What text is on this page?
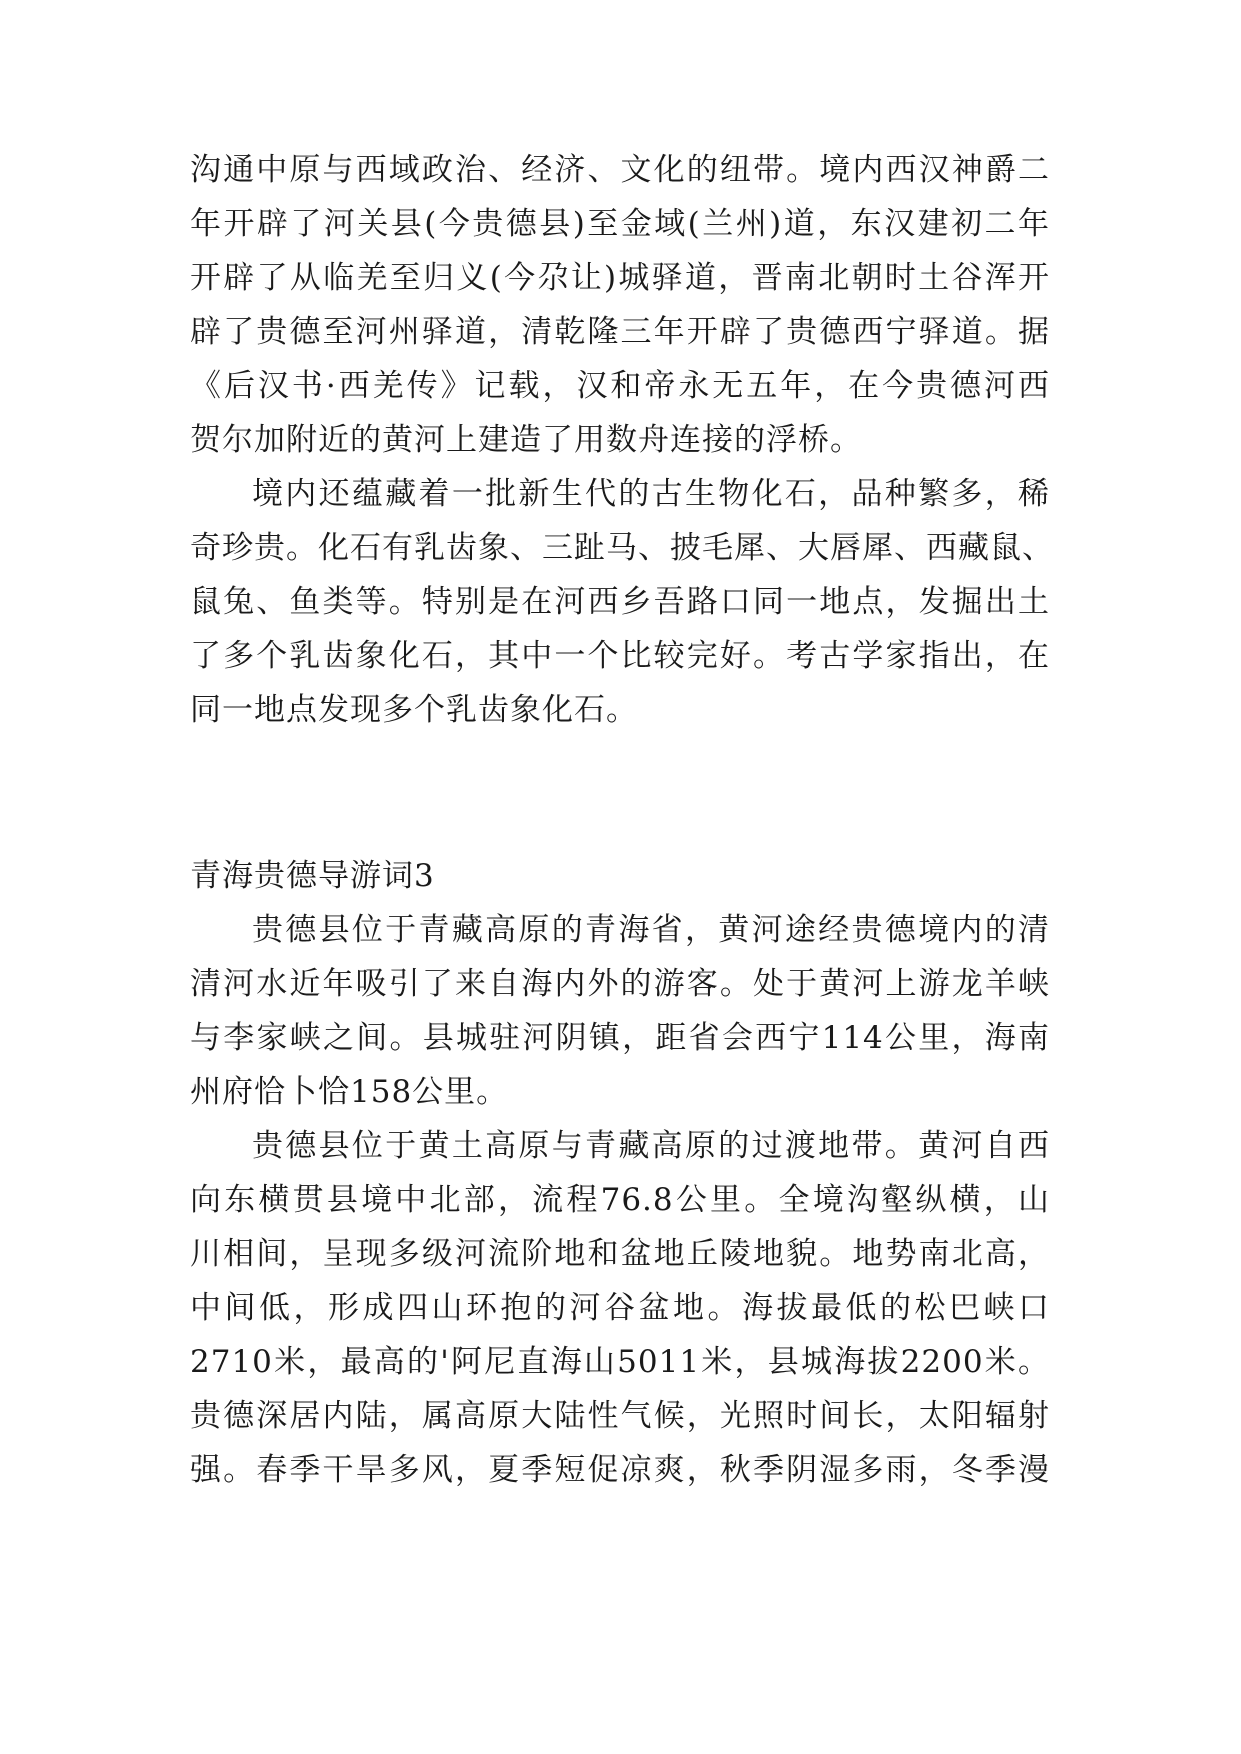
沟通中原与西域政治、经济、文化的纽带。境内西汉神爵二
年开辟了河关县(今贵德县)至金域(兰州)道，东汉建初二年
开辟了从临羌至归义(今尕让)城驿道，晋南北朝时土谷浑开
辟了贵德至河州驿道，清乾隆三年开辟了贵德西宁驿道。据
《后汉书·西羌传》记载，汉和帝永无五年，在今贵德河西
贺尔加附近的黄河上建造了用数舟连接的浮桥。
境内还蕴藏着一批新生代的古生物化石，品种繁多，稀
奇珍贵。化石有乳齿象、三趾马、披毛犀、大唇犀、西藏鼠、
鼠兔、鱼类等。特别是在河西乡吾路口同一地点，发掘出土
了多个乳齿象化石，其中一个比较完好。考古学家指出，在
同一地点发现多个乳齿象化石。
青海贵德导游词3
贵德县位于青藏高原的青海省，黄河途经贵德境内的清
清河水近年吸引了来自海内外的游客。处于黄河上游龙羊峡
与李家峡之间。县城驻河阴镇，距省会西宁114公里，海南
州府恰卜恰158公里。
贵德县位于黄土高原与青藏高原的过渡地带。黄河自西
向东横贯县境中北部，流程76.8公里。全境沟壑纵横，山
川相间，呈现多级河流阶地和盆地丘陵地貌。地势南北高，
中间低，形成四山环抱的河谷盆地。海拔最低的松巴峡口
2710米，最高的'阿尼直海山5011米，县城海拔2200米。
贵德深居内陆，属高原大陆性气候，光照时间长，太阳辐射
强。春季干旱多风，夏季短促凉爽，秋季阴湿多雨，冬季漫
